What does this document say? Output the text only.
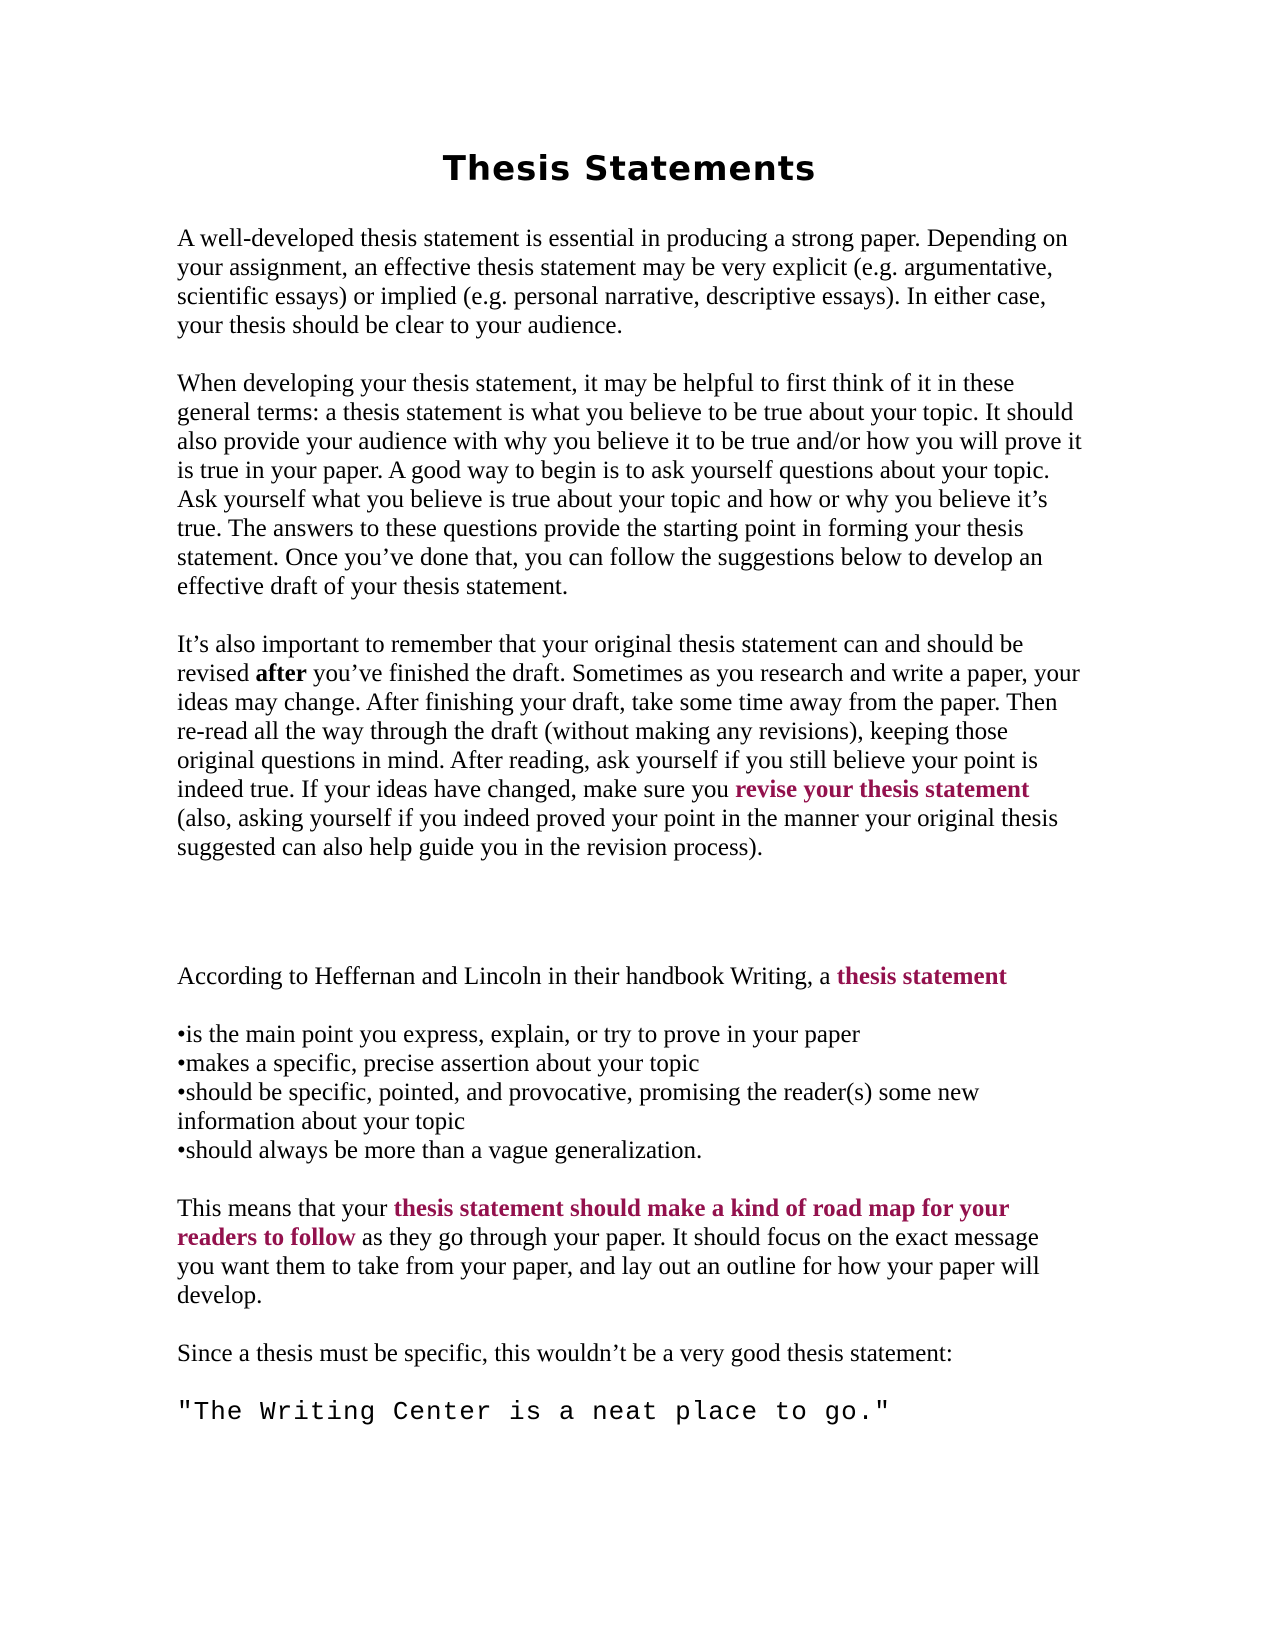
Thesis Statements

A well-developed thesis statement is essential in producing a strong paper. Depending on your assignment, an effective thesis statement may be very explicit (e.g. argumentative, scientific essays) or implied (e.g. personal narrative, descriptive essays). In either case, your thesis should be clear to your audience.

When developing your thesis statement, it may be helpful to first think of it in these general terms: a thesis statement is what you believe to be true about your topic. It should also provide your audience with why you believe it to be true and/or how you will prove it is true in your paper. A good way to begin is to ask yourself questions about your topic. Ask yourself what you believe is true about your topic and how or why you believe it’s true. The answers to these questions provide the starting point in forming your thesis statement. Once you’ve done that, you can follow the suggestions below to develop an effective draft of your thesis statement.

It’s also important to remember that your original thesis statement can and should be revised after you’ve finished the draft. Sometimes as you research and write a paper, your ideas may change. After finishing your draft, take some time away from the paper. Then re-read all the way through the draft (without making any revisions), keeping those original questions in mind. After reading, ask yourself if you still believe your point is indeed true. If your ideas have changed, make sure you revise your thesis statement (also, asking yourself if you indeed proved your point in the manner your original thesis suggested can also help guide you in the revision process).

According to Heffernan and Lincoln in their handbook Writing, a thesis statement

•is the main point you express, explain, or try to prove in your paper
•makes a specific, precise assertion about your topic
•should be specific, pointed, and provocative, promising the reader(s) some new information about your topic
•should always be more than a vague generalization.

This means that your thesis statement should make a kind of road map for your readers to follow as they go through your paper. It should focus on the exact message you want them to take from your paper, and lay out an outline for how your paper will develop.

Since a thesis must be specific, this wouldn’t be a very good thesis statement:

"The Writing Center is a neat place to go."
